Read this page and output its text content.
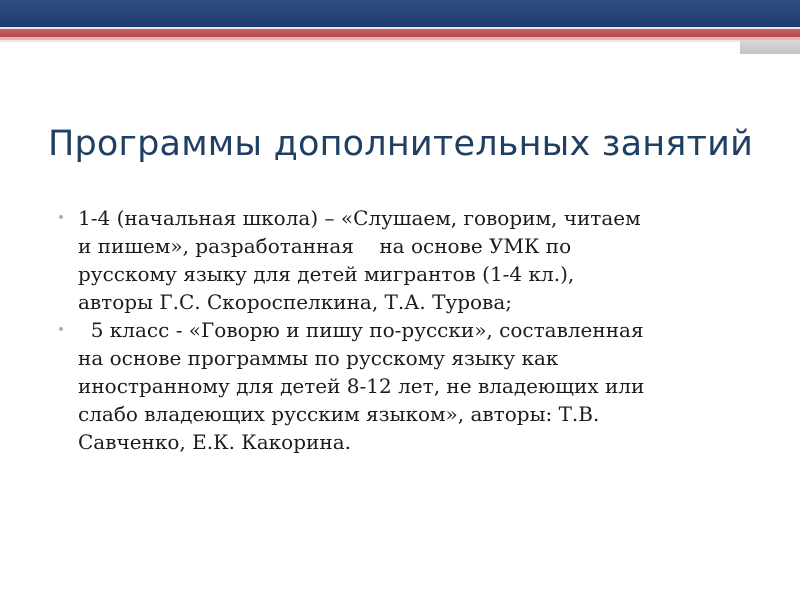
Программы дополнительных занятий
• 1-4 (начальная школа) – «Слушаем, говорим, читаем
и пишем», разработанная    на основе УМК по
русскому языку для детей мигрантов (1-4 кл.),
авторы Г.С. Скороспелкина, Т.А. Турова;
•	5 класс - «Говорю и пишу по-русски», составленная
на основе программы по русскому языку как
иностранному для детей 8-12 лет, не владеющих или
слабо владеющих русским языком», авторы: Т.В.
Савченко, Е.К. Какорина.
